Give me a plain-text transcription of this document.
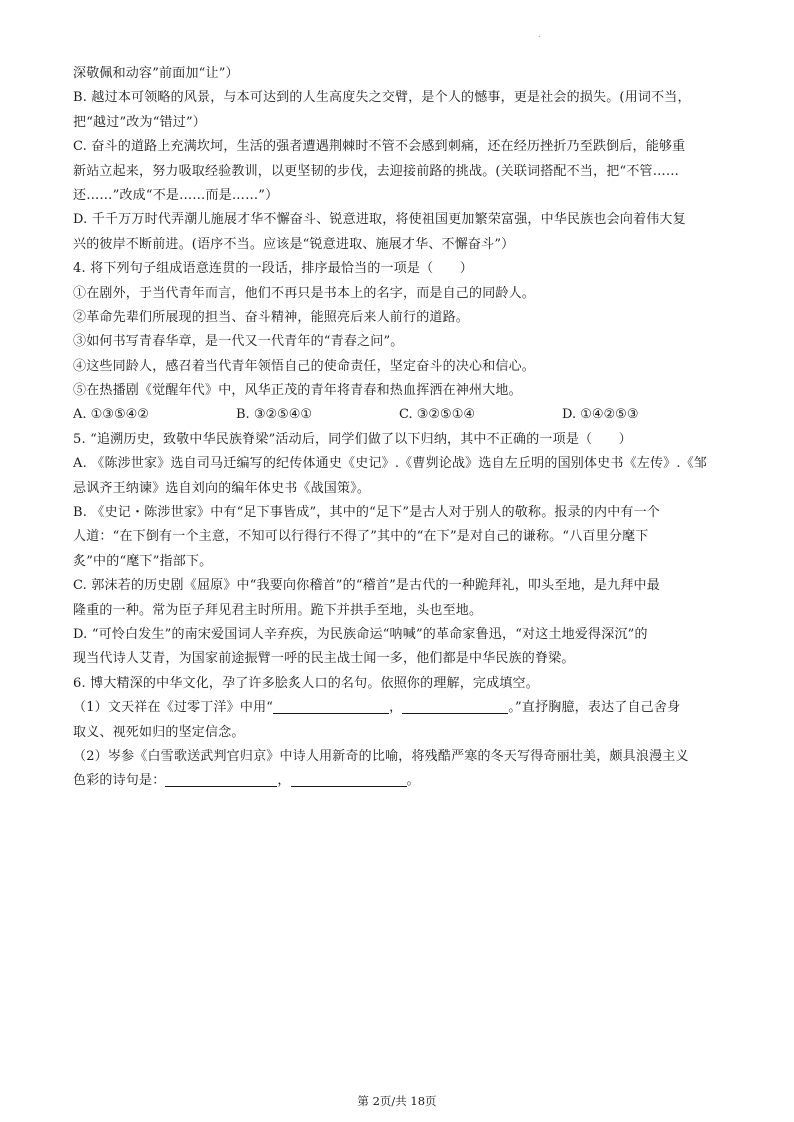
.
深敬佩和动容”前面加“让”）
B. 越过本可领略的风景，与本可达到的人生高度失之交臂，是个人的憾事，更是社会的损失。(用词不当，
把“越过”改为“错过”）
C. 奋斗的道路上充满坎坷，生活的强者遭遇荆棘时不管不会感到刺痛，还在经历挫折乃至跌倒后，能够重
新站立起来，努力吸取经验教训，以更坚韧的步伐，去迎接前路的挑战。(关联词搭配不当，把“不管……
还……”改成“不是……而是……”）
D. 千千万万时代弄潮儿施展才华不懈奋斗、锐意进取，将使祖国更加繁荣富强，中华民族也会向着伟大复
兴的彼岸不断前进。(语序不当。应该是“锐意进取、施展才华、不懈奋斗”）
4. 将下列句子组成语意连贯的一段话，排序最恰当的一项是（　　）
①在剧外，于当代青年而言，他们不再只是书本上的名字，而是自己的同龄人。
②革命先辈们所展现的担当、奋斗精神，能照亮后来人前行的道路。
③如何书写青春华章，是一代又一代青年的“青春之问”。
④这些同龄人，感召着当代青年领悟自己的使命责任，坚定奋斗的决心和信心。
⑤在热播剧《觉醒年代》中，风华正茂的青年将青春和热血挥洒在神州大地。
A. ①③⑤④②	B. ③②⑤④①	C. ③②⑤①④	D. ①④②⑤③
5. “追溯历史，致敬中华民族脊梁”活动后，同学们做了以下归纳，其中不正确的一项是（　　）
A. 《陈涉世家》选自司马迁编写的纪传体通史《史记》.《曹刿论战》选自左丘明的国别体史书《左传》.《邹
忌讽齐王纳谏》选自刘向的编年体史书《战国策》。
B. 《史记・陈涉世家》中有“足下事皆成”，其中的“足下”是古人对于别人的敬称。报录的内中有一个
人道：“在下倒有一个主意，不知可以行得行不得了”其中的“在下”是对自己的谦称。“八百里分麾下
炙”中的“麾下”指部下。
C. 郭沫若的历史剧《屈原》中“我要向你稽首”的“稽首”是古代的一种跪拜礼，叩头至地，是九拜中最
隆重的一种。常为臣子拜见君主时所用。跪下并拱手至地，头也至地。
D. “可怜白发生”的南宋爱国词人辛弃疾，为民族命运“呐喊”的革命家鲁迅，“对这土地爱得深沉”的
现当代诗人艾青，为国家前途振臂一呼的民主战士闻一多，他们都是中华民族的脊梁。
6. 博大精深的中华文化，孕了许多脍炙人口的名句。依照你的理解，完成填空。
（1）文天祥在《过零丁洋》中用“	，	。”直抒胸臆，表达了自己舍身
取义、视死如归的坚定信念。
（2）岑参《白雪歌送武判官归京》中诗人用新奇的比喻，将残酷严寒的冬天写得奇丽壮美，颇具浪漫主义
色彩的诗句是：	，	。
第 2页/共 18页
